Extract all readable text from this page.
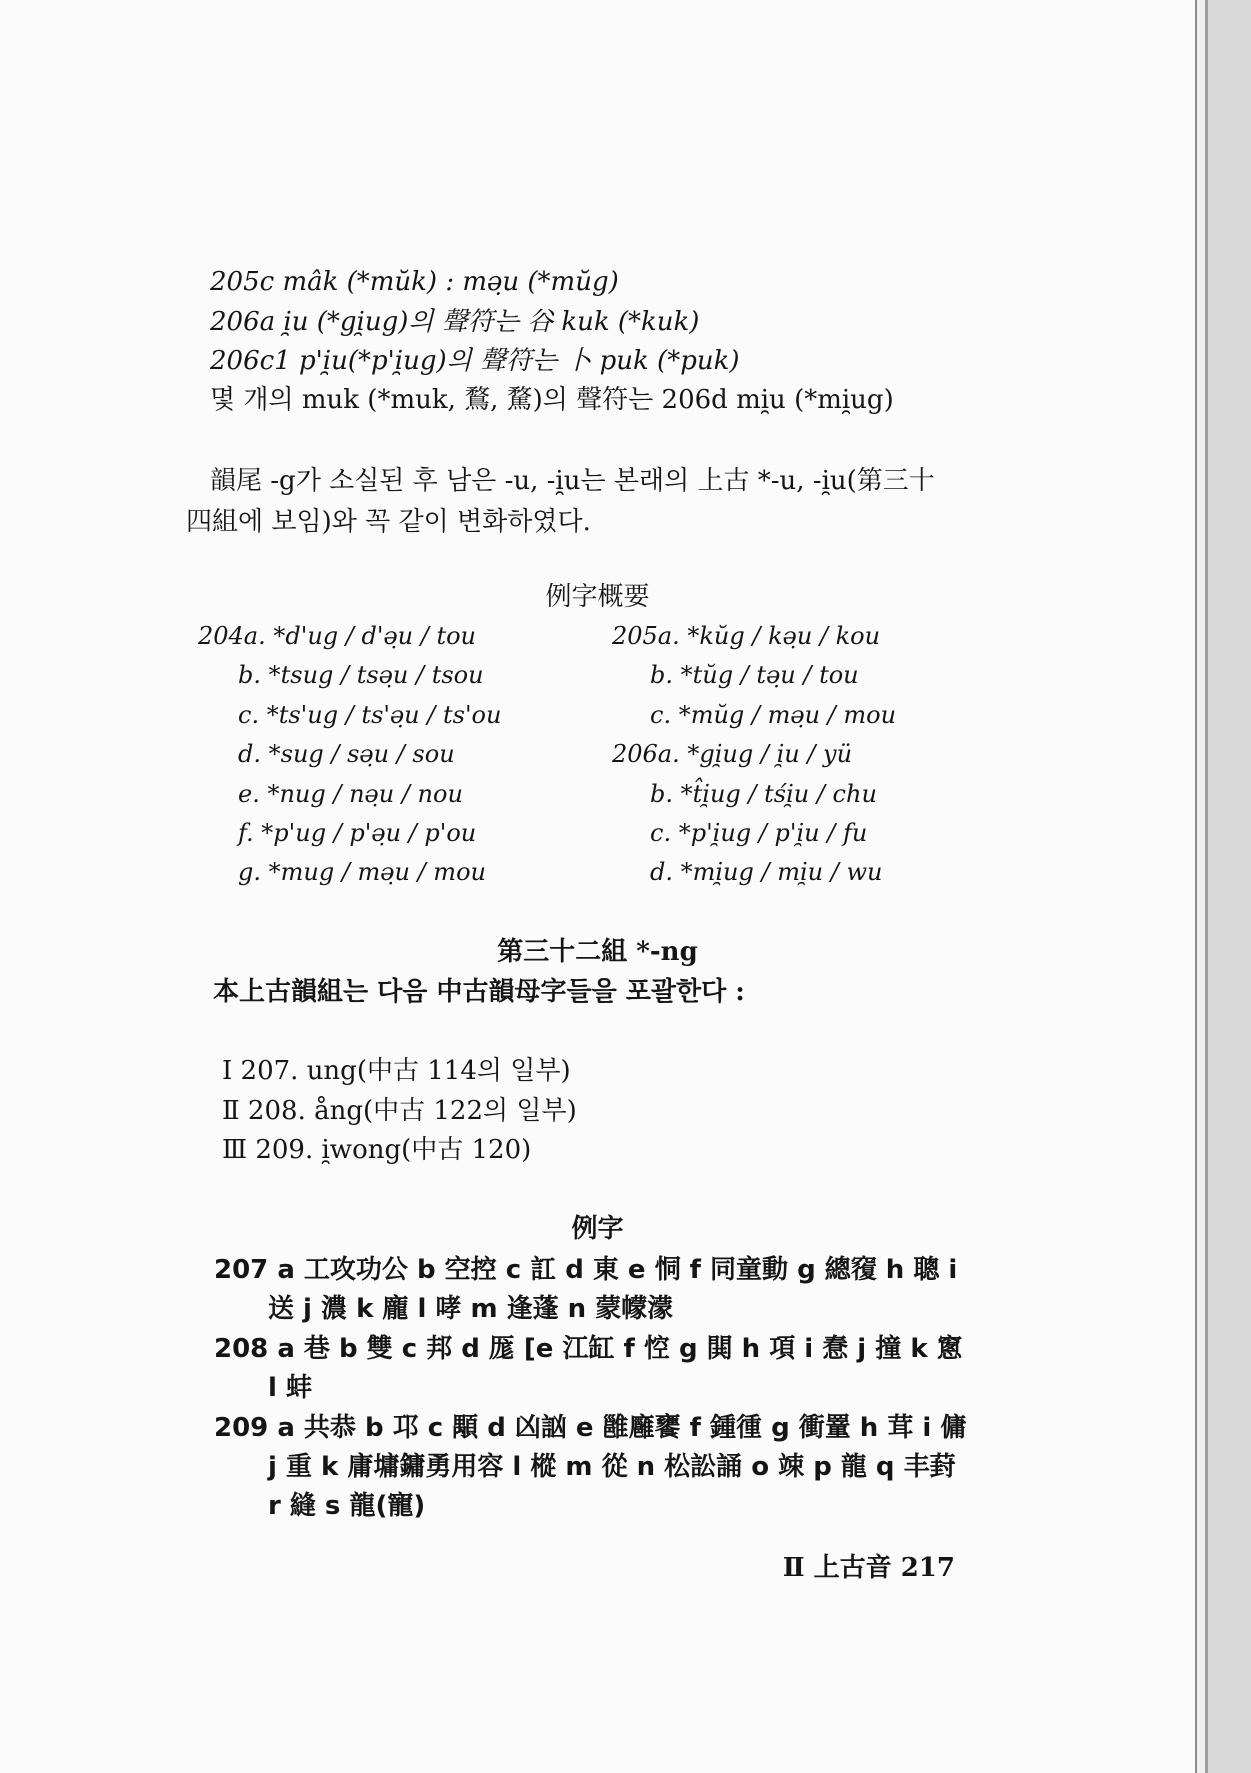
205c mâk (*mŭk) : mə̣u (*mŭg)
206a i̯u (*gi̯ug)의 聲符는 谷 kuk (*kuk)
206c1 p'i̯u(*p'i̯ug)의 聲符는 卜 puk (*puk)
몇 개의 muk (*muk, 鶩, 騖)의 聲符는 206d mi̯u (*mi̯ug)
韻尾 -g가 소실된 후 남은 -u, -i̯u는 본래의 上古 *-u, -i̯u(第三十
四組에 보임)와 꼭 같이 변화하였다.
例字概要
204a. *d'ug / d'ə̣u / tou
b. *tsug / tsə̣u / tsou
c. *ts'ug / ts'ə̣u / ts'ou
d. *sug / sə̣u / sou
e. *nug / nə̣u / nou
f. *p'ug / p'ə̣u / p'ou
g. *mug / mə̣u / mou
205a. *kŭg / kə̣u / kou
b. *tŭg / tə̣u / tou
c. *mŭg / mə̣u / mou
206a. *gi̯ug / i̯u / yü
b. *t̂i̯ug / tśi̯u / chu
c. *p'i̯ug / p'i̯u / fu
d. *mi̯ug / mi̯u / wu
第三十二組 *-ng
本上古韻組는 다음 中古韻母字들을 포괄한다 :
Ⅰ 207. ung(中古 114의 일부)
Ⅱ 208. ång(中古 122의 일부)
Ⅲ 209. i̯wong(中古 120)
例字
207 a 工攻功公 b 空控 c 訌 d 東 e 恫 f 同童動 g 總𥨍 h 聰 i
送 j 濃 k 龐 l 哮 m 逢蓬 n 蒙幪濛
208 a 巷 b 雙 c 邦 d 厖 [e 江缸 f 悾 g 閧 h 項 i 惷 j 撞 k 窻
l 蚌
209 a 共恭 b 邛 c 顒 d 凶訩 e 雝廱饔 f 鍾㣫 g 衝罿 h 茸 i 傭
j 重 k 庸墉鏞勇用容 l 樅 m 從 n 松訟誦 o 竦 p 龍 q 丰葑
r 縫 s 龍(寵)
Ⅱ 上古音 217
